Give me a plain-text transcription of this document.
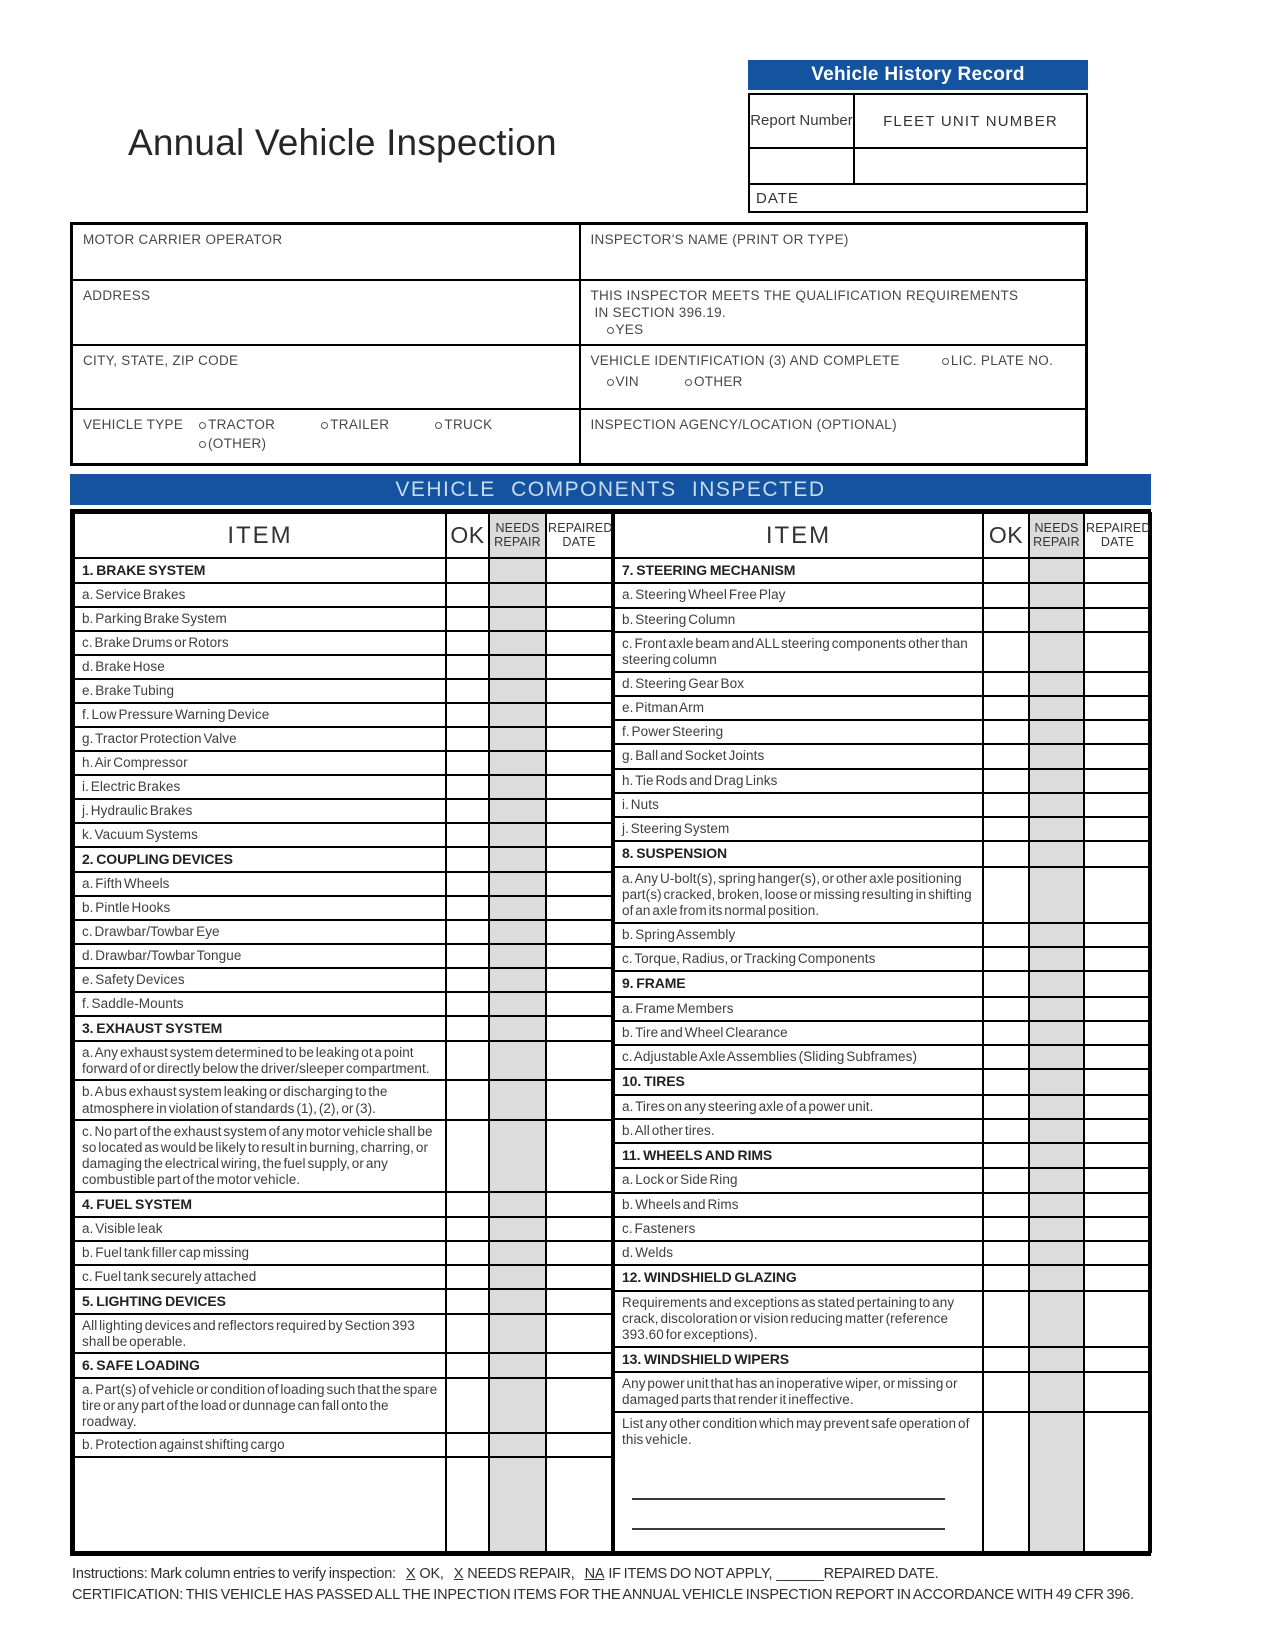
Annual Vehicle Inspection
Vehicle History Record
Report Number	FLEET UNIT NUMBER

DATE	
MOTOR CARRIER OPERATOR	INSPECTOR'S NAME (PRINT OR TYPE)
ADDRESS	THIS INSPECTOR MEETS THE QUALIFICATION REQUIREMENTS
IN SECTION 396.19.
YES

CITY, STATE, ZIP CODE	VEHICLE IDENTIFICATION (3) AND COMPLETE LIC. PLATE NO.
VIN OTHER

VEHICLE TYPE TRACTOR TRAILER TRUCK
(OTHER)	INSPECTION AGENCY/LOCATION (OPTIONAL)
VEHICLE COMPONENTS INSPECTED
ITEM	OK	NEEDS REPAIR	REPAIRED DATE
1. BRAKE SYSTEM			
a. Service Brakes			
b. Parking Brake System			
c. Brake Drums or Rotors			
d. Brake Hose			
e. Brake Tubing			
f. Low Pressure Warning Device			
g. Tractor Protection Valve			
h. Air Compressor			
i. Electric Brakes			
j. Hydraulic Brakes			
k. Vacuum Systems			
2. COUPLING DEVICES			
a. Fifth Wheels			
b. Pintle Hooks			
c. Drawbar/Towbar Eye			
d. Drawbar/Towbar Tongue			
e. Safety Devices			
f. Saddle-Mounts			
3. EXHAUST SYSTEM			
a. Any exhaust system determined to be leaking ot a point forward of or directly below the driver/sleeper compartment.			
b. A bus exhaust system leaking or discharging to the atmosphere in violation of standards (1), (2), or (3).			
c. No part of the exhaust system of any motor vehicle shall be so located as would be likely to result in burning, charring, or damaging the electrical wiring, the fuel supply, or any combustible part of the motor vehicle.			
4. FUEL SYSTEM			
a. Visible leak			
b. Fuel tank filler cap missing			
c. Fuel tank securely attached			
5. LIGHTING DEVICES			
All lighting devices and reflectors required by Section 393 shall be operable.			
6. SAFE LOADING			
a. Part(s) of vehicle or condition of loading such that the spare tire or any part of the load or dunnage can fall onto the roadway.			
b. Protection against shifting cargo			

ITEM	OK	NEEDS REPAIR	REPAIRED DATE
7. STEERING MECHANISM			
a. Steering Wheel Free Play			
b. Steering Column			
c. Front axle beam and ALL steering components other than steering column			
d. Steering Gear Box			
e. Pitman Arm			
f. Power Steering			
g. Ball and Socket Joints			
h. Tie Rods and Drag Links			
i. Nuts			
j. Steering System			
8. SUSPENSION			
a. Any U-bolt(s), spring hanger(s), or other axle positioning part(s) cracked, broken, loose or missing resulting in shifting of an axle from its normal position.			
b. Spring Assembly			
c. Torque, Radius, or Tracking Components			
9. FRAME			
a. Frame Members			
b. Tire and Wheel Clearance			
c. Adjustable Axle Assemblies (Sliding Subframes)			
10. TIRES			
a. Tires on any steering axle of a power unit.			
b. All other tires.			
11. WHEELS AND RIMS			
a. Lock or Side Ring			
b. Wheels and Rims			
c. Fasteners			
d. Welds			
12. WINDSHIELD GLAZING			
Requirements and exceptions as stated pertaining to any crack, discoloration or vision reducing matter (reference 393.60 for exceptions).			
13. WINDSHIELD WIPERS			
Any power unit that has an inoperative wiper, or missing or damaged parts that render it ineffective.			
List any other condition which may prevent safe operation of this vehicle.

Instructions: Mark column entries to verify inspection: X OK, X NEEDS REPAIR, NA IF ITEMS DO NOT APPLY, ______REPAIRED DATE.
CERTIFICATION: THIS VEHICLE HAS PASSED ALL THE INPECTION ITEMS FOR THE ANNUAL VEHICLE INSPECTION REPORT IN ACCORDANCE WITH 49 CFR 396.
